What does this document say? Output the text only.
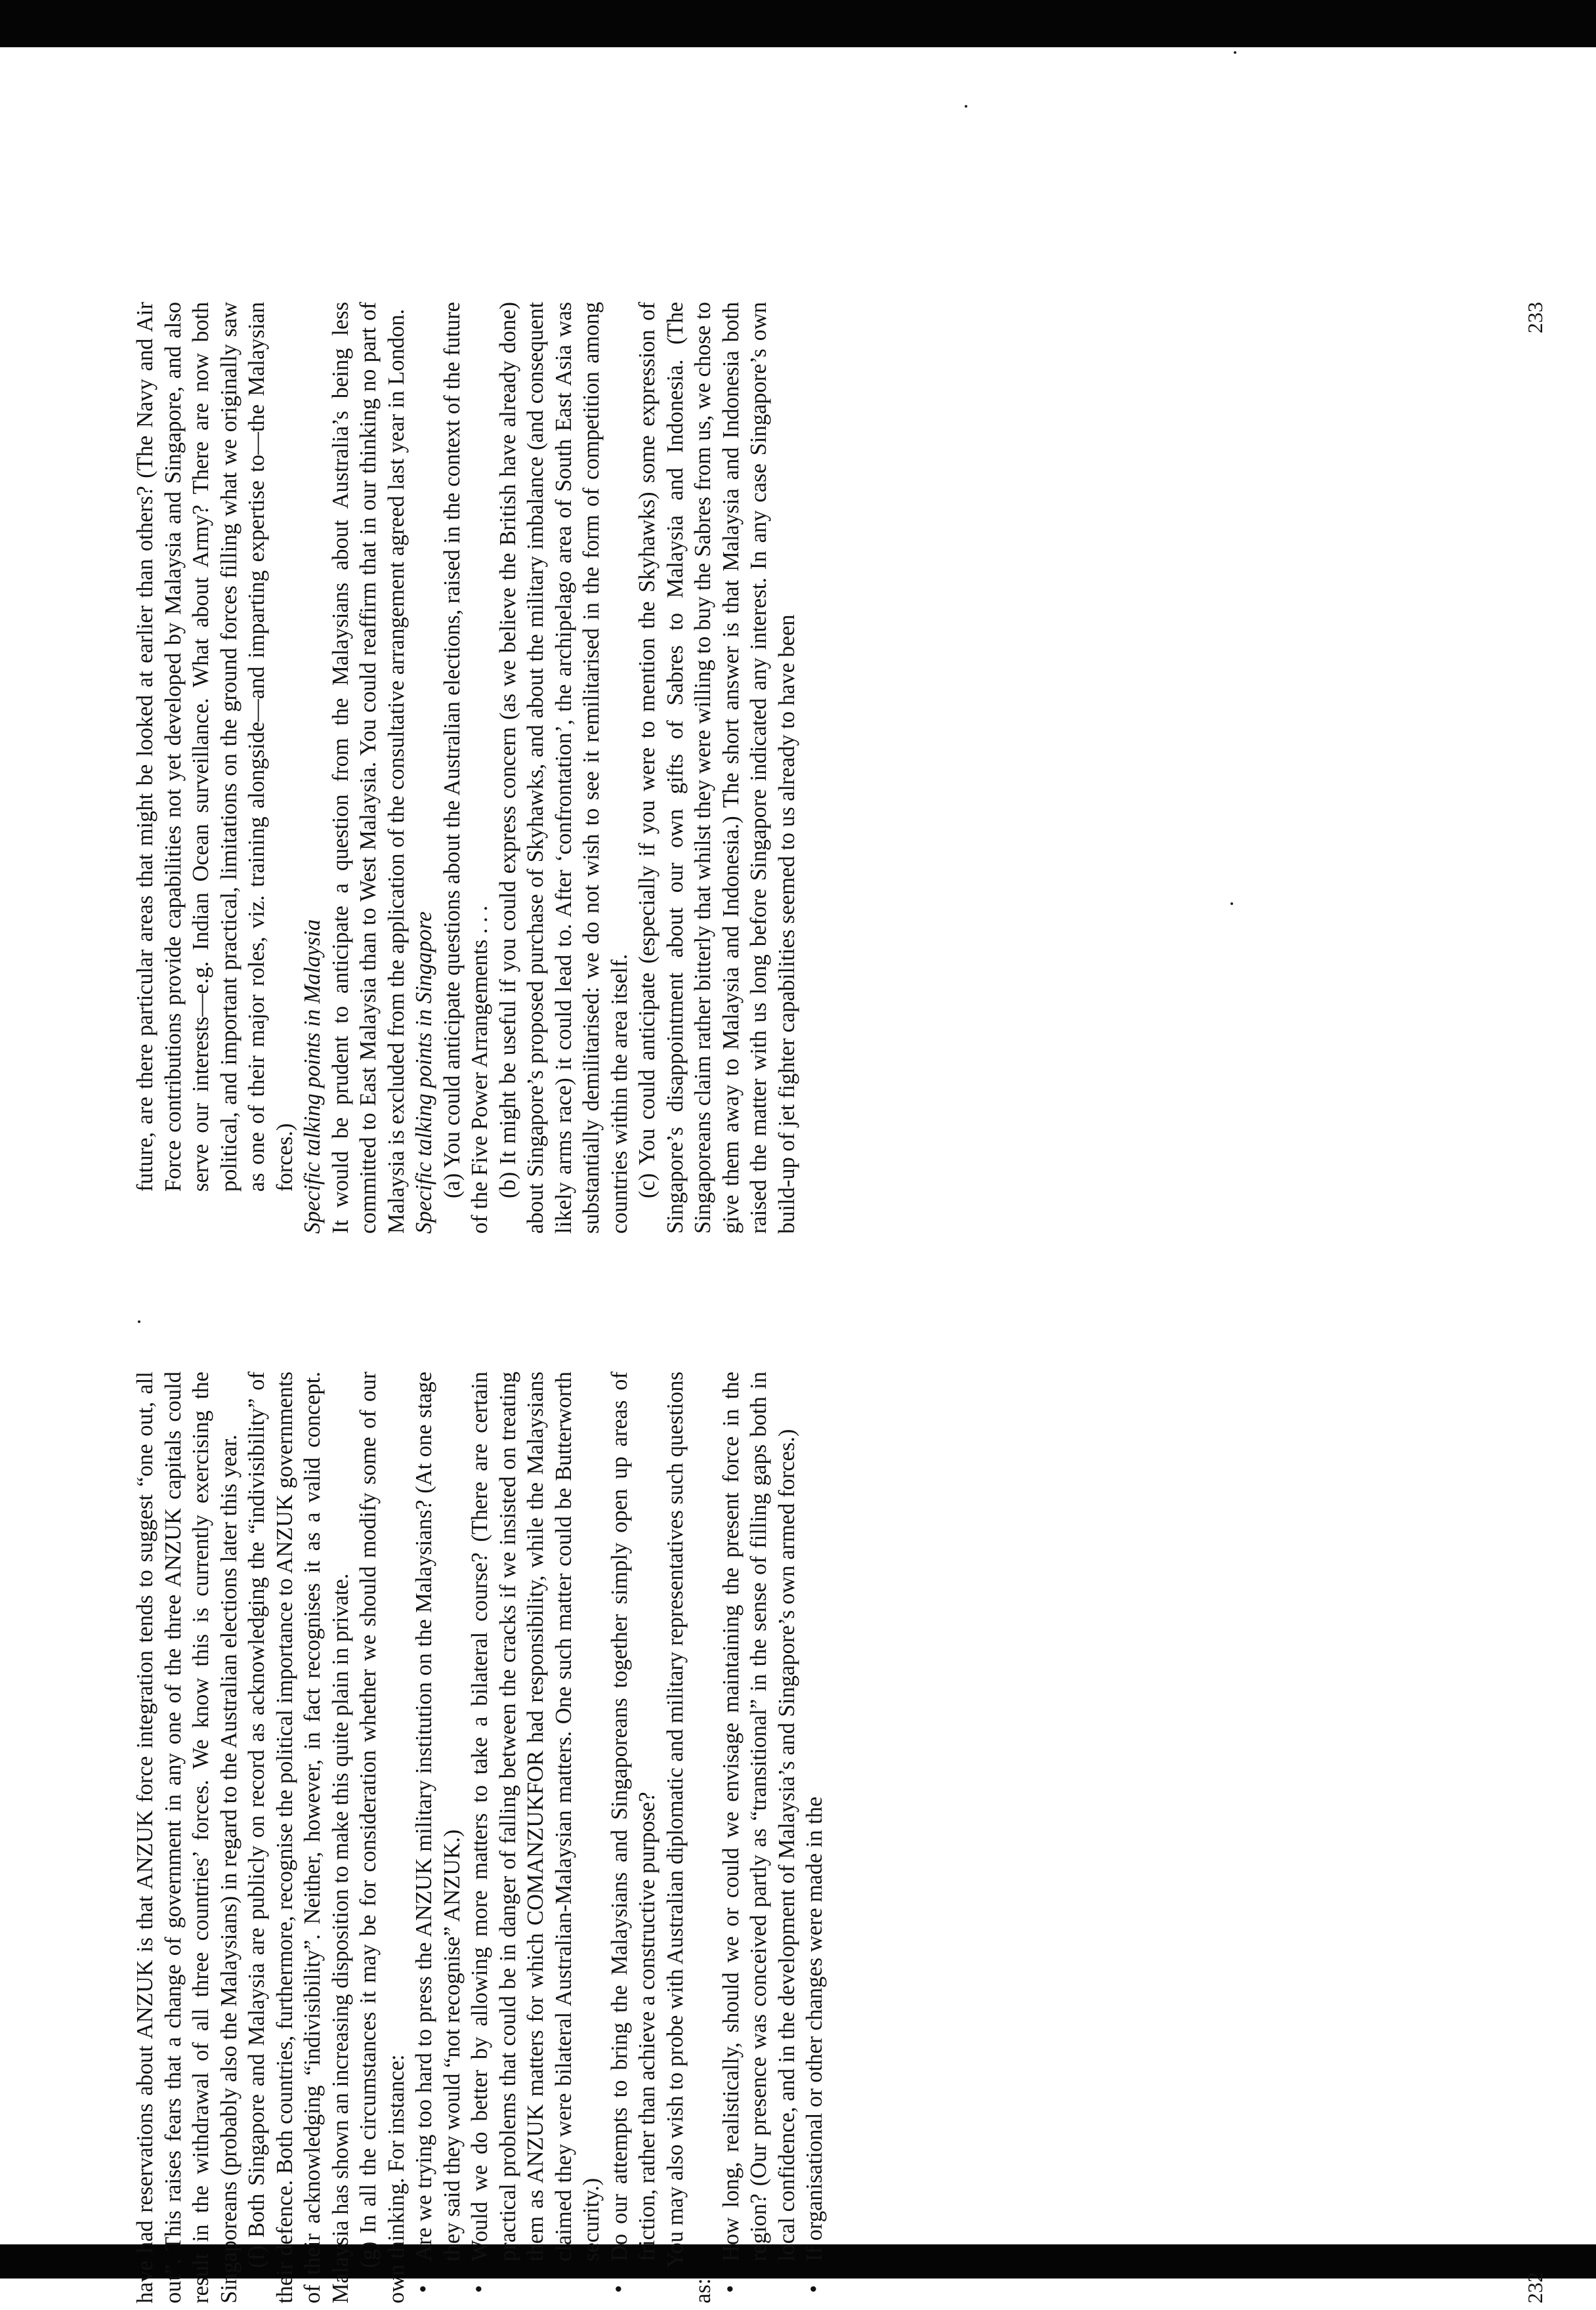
have had reservations about ANZUK is that ANZUK force integration tends to suggest “one out, all out”. This raises fears that a change of government in any one of the three ANZUK capitals could result in the withdrawal of all three countries’ forces. We know this is currently exercising the Singaporeans (probably also the Malaysians) in regard to the Australian elections later this year. (f) Both Singapore and Malaysia are publicly on record as acknowledging the “indivisibility” of their defence. Both countries, furthermore, recognise the political importance to ANZUK governments of their acknowledging “indivisibility”. Neither, however, in fact recognises it as a valid concept. Malaysia has shown an increasing disposition to make this quite plain in private. (g) In all the circumstances it may be for consideration whether we should modify some of our own thinking. For instance: • Are we trying too hard to press the ANZUK military institution on the Malaysians? (At one stage they said they would “not recognise” ANZUK.) • Would we do better by allowing more matters to take a bilateral course? (There are certain practical problems that could be in danger of falling between the cracks if we insisted on treating them as ANZUK matters for which COMANZUKFOR had responsibility, while the Malaysians claimed they were bilateral Australian-Malaysian matters. One such matter could be Butterworth security.) • Do our attempts to bring the Malaysians and Singaporeans together simply open up areas of friction, rather than achieve a constructive purpose? You may also wish to probe with Australian diplomatic and military representatives such questions as:

• How long, realistically, should we or could we envisage maintaining the present force in the region? (Our presence was conceived partly as “transitional” in the sense of filling gaps both in local confidence, and in the development of Malaysia’s and Singapore’s own armed forces.) • If organisational or other changes were made in the

232

future, are there particular areas that might be looked at earlier than others? (The Navy and Air Force contributions provide capabilities not yet developed by Malaysia and Singapore, and also serve our interests—e.g. Indian Ocean surveillance. What about Army? There are now both political, and important practical, limitations on the ground forces filling what we originally saw as one of their major roles, viz. training alongside—and imparting expertise to—the Malaysian forces.) Specific talking points in Malaysia It would be prudent to anticipate a question from the Malaysians about Australia’s being less committed to East Malaysia than to West Malaysia. You could reaffirm that in our thinking no part of Malaysia is excluded from the application of the consultative arrangement agreed last year in London. Specific talking points in Singapore (a) You could anticipate questions about the Australian elections, raised in the context of the future of the Five Power Arrangements . . . (b) It might be useful if you could express concern (as we believe the British have already done) about Singapore’s proposed purchase of Skyhawks, and about the military imbalance (and consequent likely arms race) it could lead to. After ‘confrontation’, the archipelago area of South East Asia was substantially demilitarised: we do not wish to see it remilitarised in the form of competition among countries within the area itself. (c) You could anticipate (especially if you were to mention the Skyhawks) some expression of Singapore’s disappointment about our own gifts of Sabres to Malaysia and Indonesia. (The Singaporeans claim rather bitterly that whilst they were willing to buy the Sabres from us, we chose to give them away to Malaysia and Indonesia.) The short answer is that Malaysia and Indonesia both raised the matter with us long before Singapore indicated any interest. In any case Singapore’s own build-up of jet fighter capabilities seemed to us already to have been

233
